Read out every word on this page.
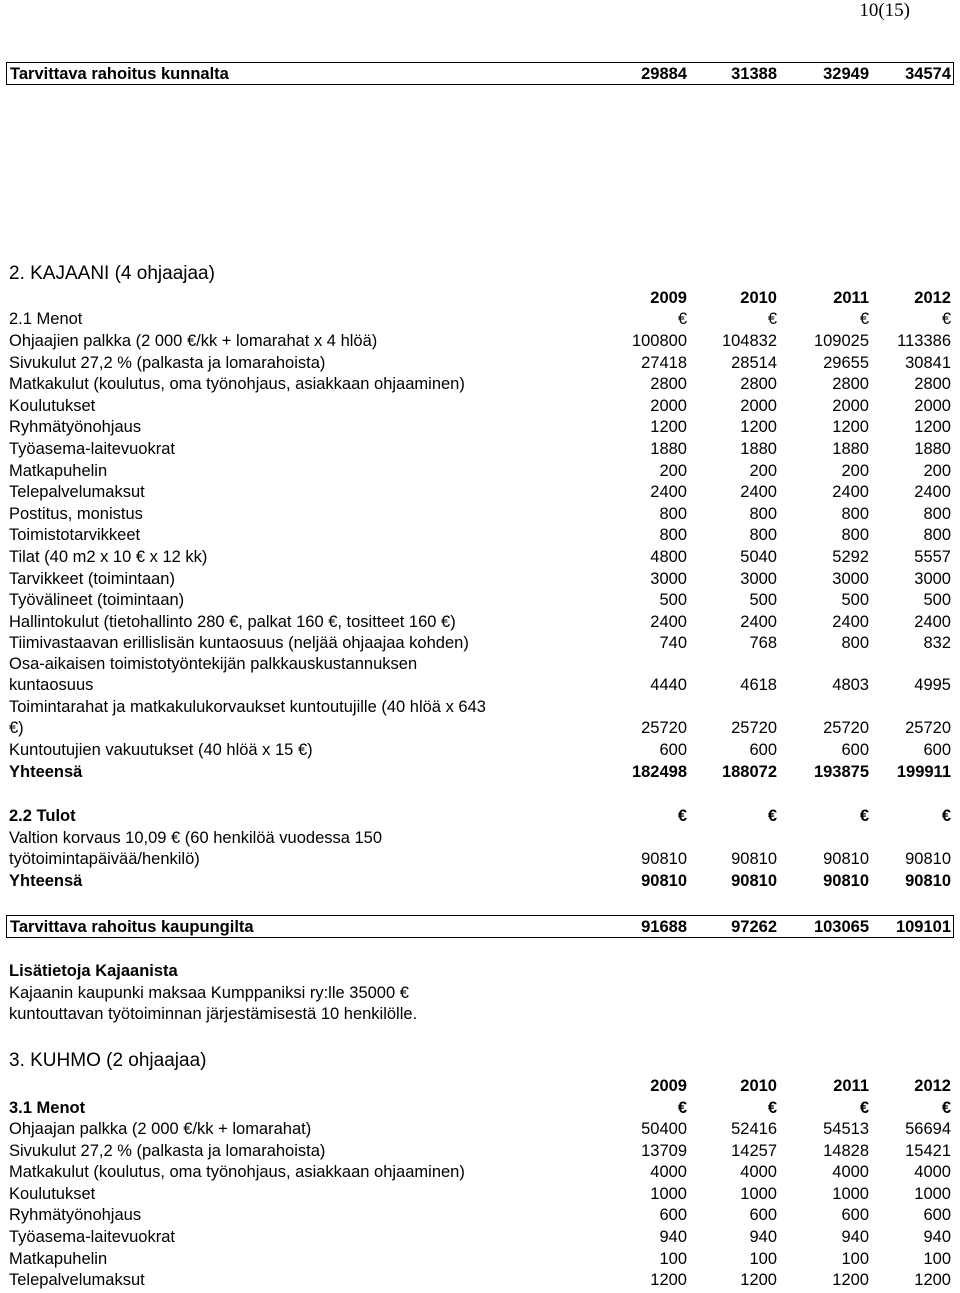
10(15)
Tarvittava rahoitus kunnalta	29884	31388	32949	34574
2. KAJAANI (4 ohjaajaa)
2009	2010	2011	2012
2.1 Menot	€	€	€	€
Ohjaajien palkka (2 000 €/kk + lomarahat x 4 hlöä)	100800	104832	109025	113386
Sivukulut 27,2 % (palkasta ja lomarahoista)	27418	28514	29655	30841
Matkakulut (koulutus, oma työnohjaus, asiakkaan ohjaaminen)	2800	2800	2800	2800
Koulutukset	2000	2000	2000	2000
Ryhmätyönohjaus	1200	1200	1200	1200
Työasema-laitevuokrat	1880	1880	1880	1880
Matkapuhelin	200	200	200	200
Telepalvelumaksut	2400	2400	2400	2400
Postitus, monistus	800	800	800	800
Toimistotarvikkeet	800	800	800	800
Tilat (40 m2 x 10 € x 12 kk)	4800	5040	5292	5557
Tarvikkeet (toimintaan)	3000	3000	3000	3000
Työvälineet (toimintaan)	500	500	500	500
Hallintokulut (tietohallinto 280 €, palkat 160 €, tositteet 160 €)	2400	2400	2400	2400
Tiimivastaavan erillislisän kuntaosuus (neljää ohjaajaa kohden)	740	768	800	832
Osa-aikaisen toimistotyöntekijän palkkauskustannuksen
kuntaosuus	4440	4618	4803	4995
Toimintarahat ja matkakulukorvaukset kuntoutujille (40 hlöä x 643
€)	25720	25720	25720	25720
Kuntoutujien vakuutukset (40 hlöä x 15 €)	600	600	600	600
Yhteensä	182498	188072	193875	199911
2.2 Tulot	€	€	€	€
Valtion korvaus 10,09 € (60 henkilöä vuodessa 150
työtoimintapäivää/henkilö)	90810	90810	90810	90810
Yhteensä	90810	90810	90810	90810
Tarvittava rahoitus kaupungilta	91688	97262	103065	109101
Lisätietoja Kajaanista
Kajaanin kaupunki maksaa Kumppaniksi ry:lle 35000 €
kuntouttavan työtoiminnan järjestämisestä 10 henkilölle.
3. KUHMO (2 ohjaajaa)
2009	2010	2011	2012
3.1 Menot	€	€	€	€
Ohjaajan palkka (2 000 €/kk + lomarahat)	50400	52416	54513	56694
Sivukulut 27,2 % (palkasta ja lomarahoista)	13709	14257	14828	15421
Matkakulut (koulutus, oma työnohjaus, asiakkaan ohjaaminen)	4000	4000	4000	4000
Koulutukset	1000	1000	1000	1000
Ryhmätyönohjaus	600	600	600	600
Työasema-laitevuokrat	940	940	940	940
Matkapuhelin	100	100	100	100
Telepalvelumaksut	1200	1200	1200	1200
